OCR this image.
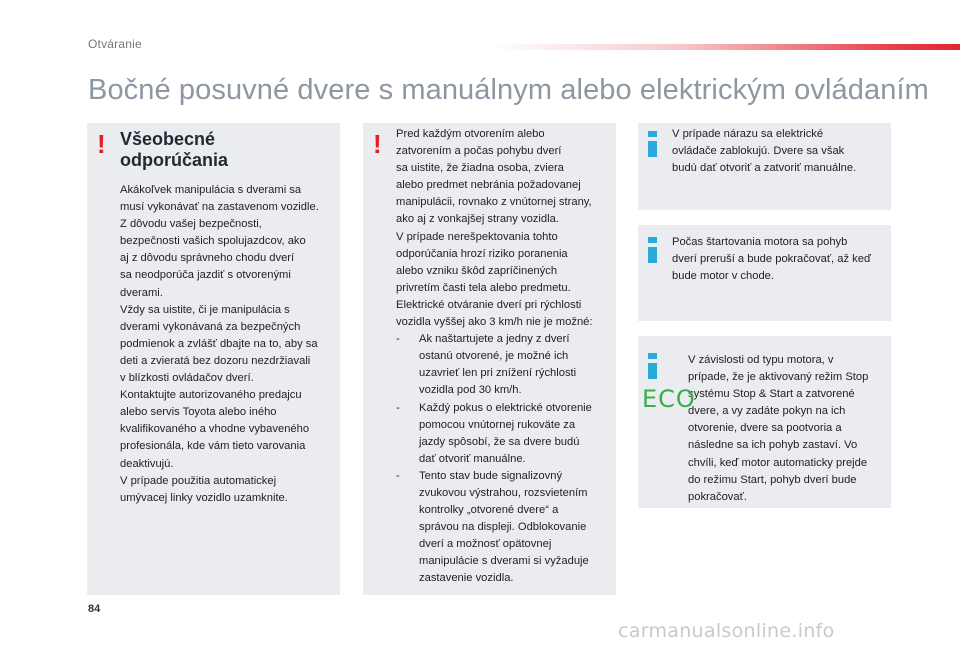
Otváranie
Bočné posuvné dvere s manuálnym alebo elektrickým ovládaním
! Všeobecné
odporúčania
Akákoľvek manipulácia s dverami sa
musí vykonávať na zastavenom vozidle.
Z dôvodu vašej bezpečnosti,
bezpečnosti vašich spolujazdcov, ako
aj z dôvodu správneho chodu dverí
sa neodporúča jazdiť s otvorenými
dverami.
Vždy sa uistite, či je manipulácia s
dverami vykonávaná za bezpečných
podmienok a zvlášť dbajte na to, aby sa
deti a zvieratá bez dozoru nezdržiavali
v blízkosti ovládačov dverí.
Kontaktujte autorizovaného predajcu
alebo servis Toyota alebo iného
kvalifikovaného a vhodne vybaveného
profesionála, kde vám tieto varovania
deaktivujú.
V prípade použitia automatickej
umývacej linky vozidlo uzamknite.
! Pred každým otvorením alebo
zatvorením a počas pohybu dverí
sa uistite, že žiadna osoba, zviera
alebo predmet nebránia požadovanej
manipulácii, rovnako z vnútornej strany,
ako aj z vonkajšej strany vozidla.
V prípade nerešpektovania tohto
odporúčania hrozí riziko poranenia
alebo vzniku škôd zapríčinených
privretím časti tela alebo predmetu.
Elektrické otváranie dverí pri rýchlosti
vozidla vyššej ako 3 km/h nie je možné:
- Ak naštartujete a jedny z dverí
ostanú otvorené, je možné ich
uzavrieť len pri znížení rýchlosti
vozidla pod 30 km/h.
- Každý pokus o elektrické otvorenie
pomocou vnútornej rukoväte za
jazdy spôsobí, že sa dvere budú
dať otvoriť manuálne.
- Tento stav bude signalizovný
zvukovou výstrahou, rozsvietením
kontrolky „otvorené dvere“ a
správou na displeji. Odblokovanie
dverí a možnosť opätovnej
manipulácie s dverami si vyžaduje
zastavenie vozidla.
V prípade nárazu sa elektrické
ovládače zablokujú. Dvere sa však
budú dať otvoriť a zatvoriť manuálne.
Počas štartovania motora sa pohyb
dverí preruší a bude pokračovať, až keď
bude motor v chode.
V závislosti od typu motora, v
prípade, že je aktivovaný režim Stop
systému Stop & Start a zatvorené
dvere, a vy zadáte pokyn na ich
otvorenie, dvere sa pootvoria a
následne sa ich pohyb zastaví. Vo
chvíli, keď motor automaticky prejde
do režimu Start, pohyb dverí bude
pokračovať.
ECO
84
carmanualsonline.info
